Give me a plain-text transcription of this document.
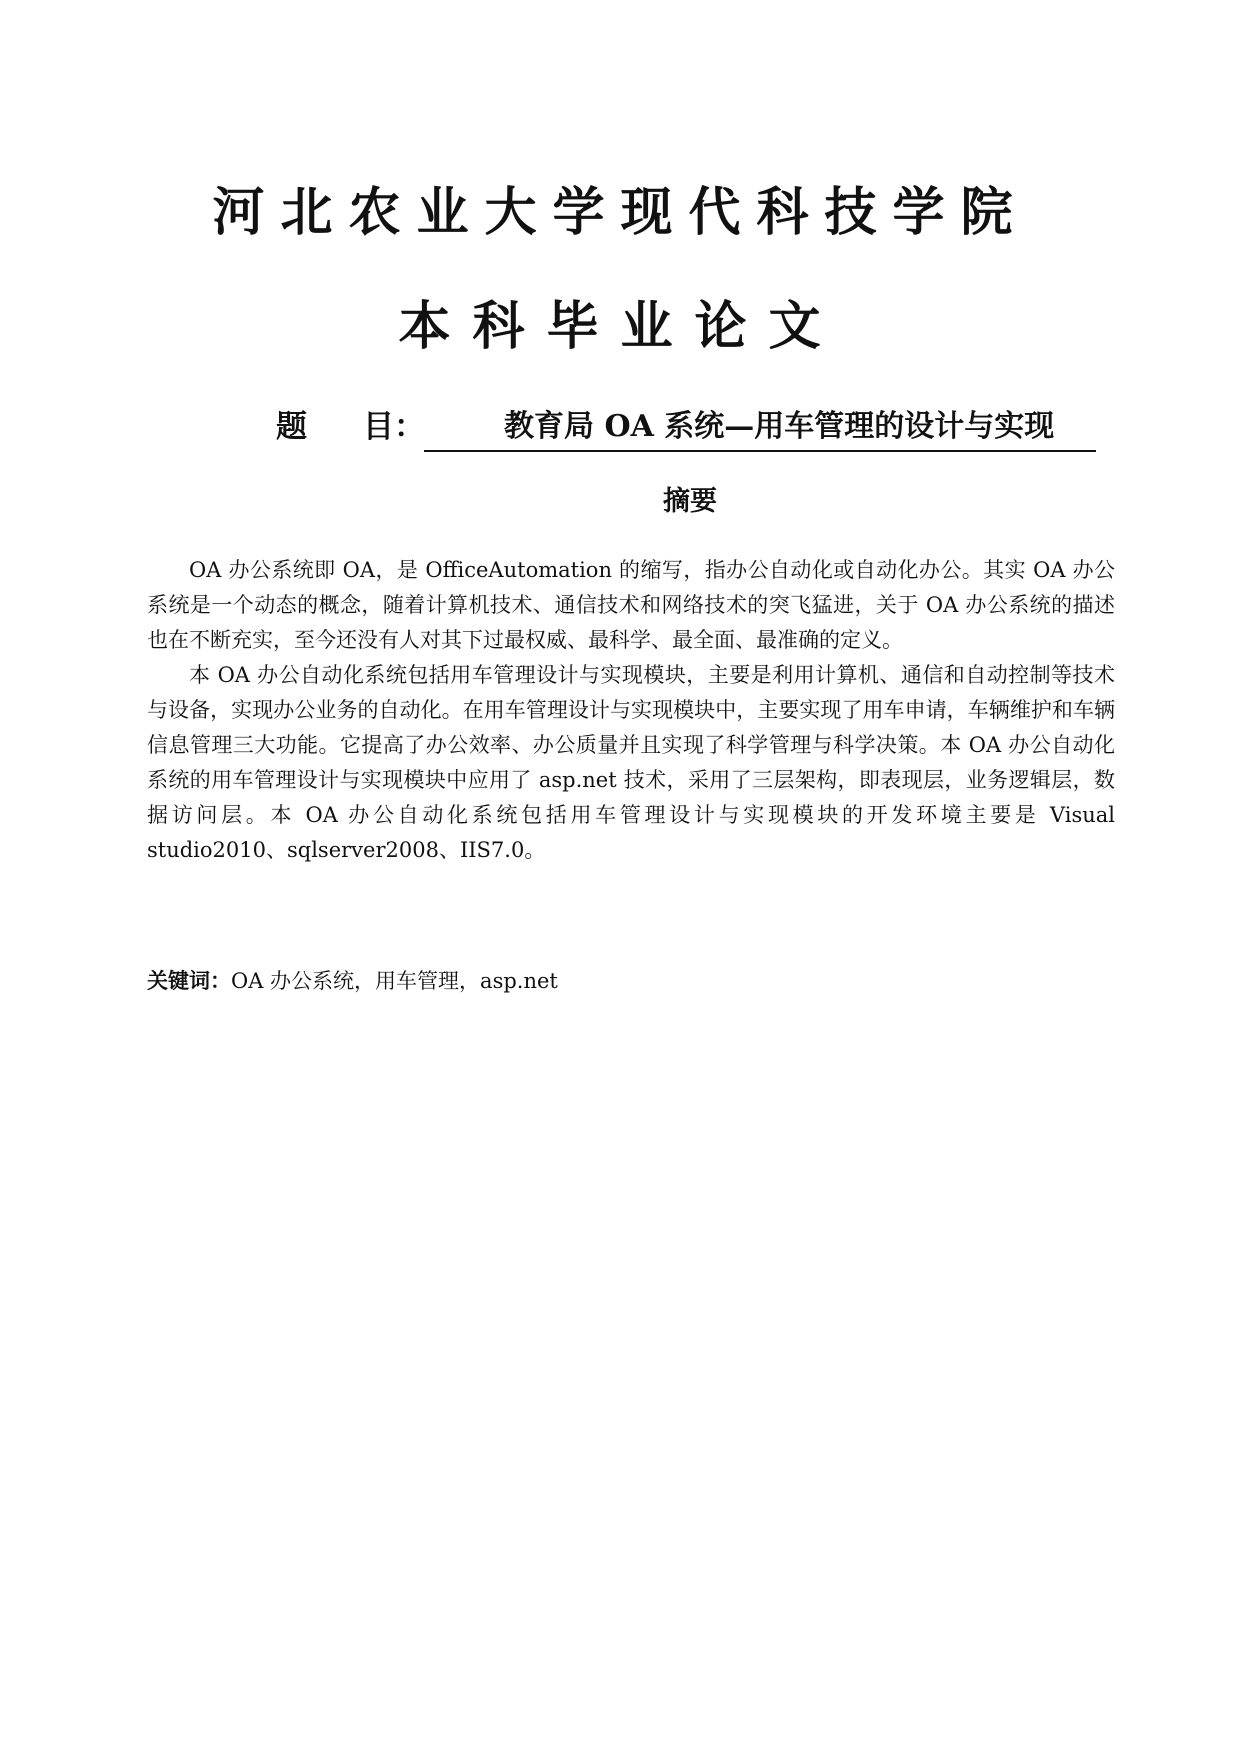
河北农业大学现代科技学院
本科毕业论文
题 目：	教育局 OA 系统—用车管理的设计与实现
摘要

OA 办公系统即 OA，是 OfficeAutomation 的缩写，指办公自动化或自动化办公。其实 OA 办公系统是一个动态的概念，随着计算机技术、通信技术和网络技术的突飞猛进，关于 OA 办公系统的描述也在不断充实，至今还没有人对其下过最权威、最科学、最全面、最准确的定义。

本 OA 办公自动化系统包括用车管理设计与实现模块，主要是利用计算机、通信和自动控制等技术与设备，实现办公业务的自动化。在用车管理设计与实现模块中，主要实现了用车申请，车辆维护和车辆信息管理三大功能。它提高了办公效率、办公质量并且实现了科学管理与科学决策。本 OA 办公自动化系统的用车管理设计与实现模块中应用了 asp.net 技术，采用了三层架构，即表现层，业务逻辑层，数据访问层。本 OA 办公自动化系统包括用车管理设计与实现模块的开发环境主要是 Visual studio2010、sqlserver2008、IIS7.0。

关键词：OA 办公系统，用车管理，asp.net
